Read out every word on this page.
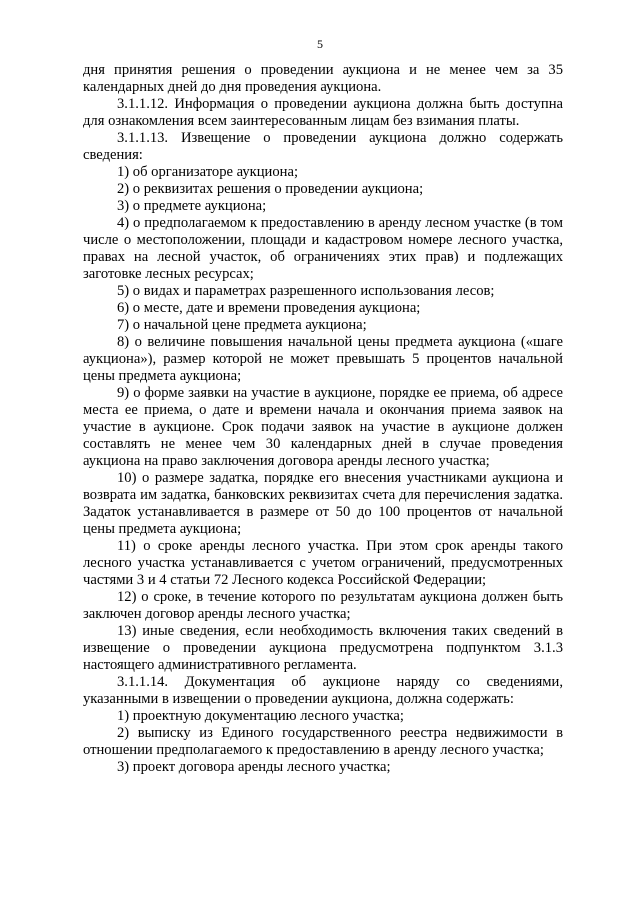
5

дня принятия решения о проведении аукциона и не менее чем за 35 календарных дней до дня проведения аукциона.

3.1.1.12. Информация о проведении аукциона должна быть доступна для ознакомления всем заинтересованным лицам без взимания платы.

3.1.1.13. Извещение о проведении аукциона должно содержать сведения:

1) об организаторе аукциона;

2) о реквизитах решения о проведении аукциона;

3) о предмете аукциона;

4) о предполагаемом к предоставлению в аренду лесном участке (в том числе о местоположении, площади и кадастровом номере лесного участка, правах на лесной участок, об ограничениях этих прав) и подлежащих заготовке лесных ресурсах;

5) о видах и параметрах разрешенного использования лесов;

6) о месте, дате и времени проведения аукциона;

7) о начальной цене предмета аукциона;

8) о величине повышения начальной цены предмета аукциона («шаге аукциона»), размер которой не может превышать 5 процентов начальной цены предмета аукциона;

9) о форме заявки на участие в аукционе, порядке ее приема, об адресе места ее приема, о дате и времени начала и окончания приема заявок на участие в аукционе. Срок подачи заявок на участие в аукционе должен составлять не менее чем 30 календарных дней в случае проведения аукциона на право заключения договора аренды лесного участка;

10) о размере задатка, порядке его внесения участниками аукциона и возврата им задатка, банковских реквизитах счета для перечисления задатка. Задаток устанавливается в размере от 50 до 100 процентов от начальной цены предмета аукциона;

11) о сроке аренды лесного участка. При этом срок аренды такого лесного участка устанавливается с учетом ограничений, предусмотренных частями 3 и 4 статьи 72 Лесного кодекса Российской Федерации;

12) о сроке, в течение которого по результатам аукциона должен быть заключен договор аренды лесного участка;

13) иные сведения, если необходимость включения таких сведений в извещение о проведении аукциона предусмотрена подпунктом 3.1.3 настоящего административного регламента.

3.1.1.14. Документация об аукционе наряду со сведениями, указанными в извещении о проведении аукциона, должна содержать:

1) проектную документацию лесного участка;

2) выписку из Единого государственного реестра недвижимости в отношении предполагаемого к предоставлению в аренду лесного участка;

3) проект договора аренды лесного участка;
